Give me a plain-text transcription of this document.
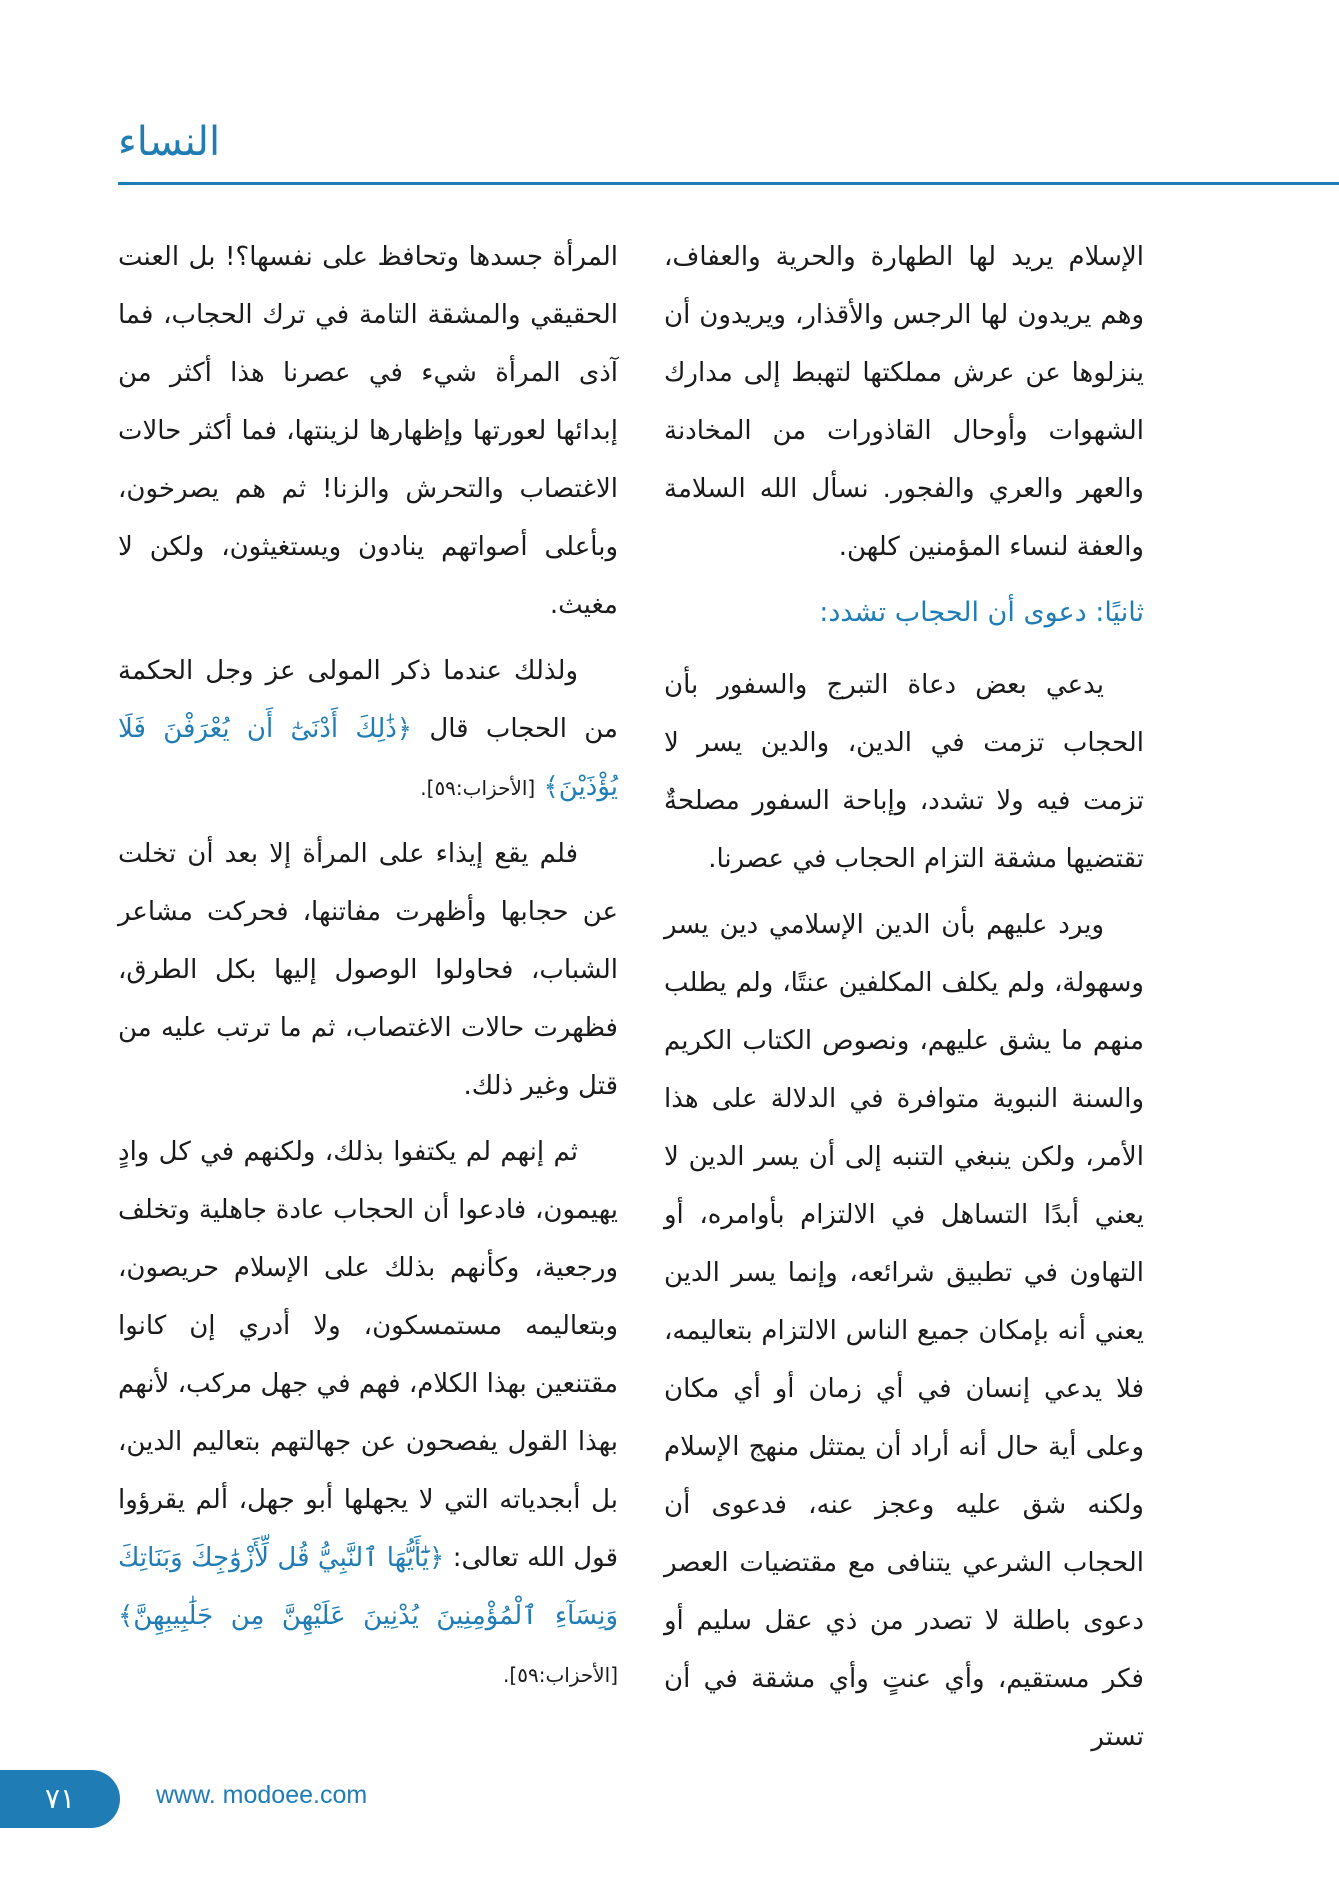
النساء

الإسلام يريد لها الطهارة والحرية والعفاف، وهم يريدون لها الرجس والأقذار، ويريدون أن ينزلوها عن عرش مملكتها لتهبط إلى مدارك الشهوات وأوحال القاذورات من المخادنة والعهر والعري والفجور. نسأل الله السلامة والعفة لنساء المؤمنين كلهن.

ثانيًا: دعوى أن الحجاب تشدد:

يدعي بعض دعاة التبرج والسفور بأن الحجاب تزمت في الدين، والدين يسر لا تزمت فيه ولا تشدد، وإباحة السفور مصلحةٌ تقتضيها مشقة التزام الحجاب في عصرنا.

ويرد عليهم بأن الدين الإسلامي دين يسر وسهولة، ولم يكلف المكلفين عنتًا، ولم يطلب منهم ما يشق عليهم، ونصوص الكتاب الكريم والسنة النبوية متوافرة في الدلالة على هذا الأمر، ولكن ينبغي التنبه إلى أن يسر الدين لا يعني أبدًا التساهل في الالتزام بأوامره، أو التهاون في تطبيق شرائعه، وإنما يسر الدين يعني أنه بإمكان جميع الناس الالتزام بتعاليمه، فلا يدعي إنسان في أي زمان أو أي مكان وعلى أية حال أنه أراد أن يمتثل منهج الإسلام ولكنه شق عليه وعجز عنه، فدعوى أن الحجاب الشرعي يتنافى مع مقتضيات العصر دعوى باطلة لا تصدر من ذي عقل سليم أو فكر مستقيم، وأي عنتٍ وأي مشقة في أن تستر

المرأة جسدها وتحافظ على نفسها؟! بل العنت الحقيقي والمشقة التامة في ترك الحجاب، فما آذى المرأة شيء في عصرنا هذا أكثر من إبدائها لعورتها وإظهارها لزينتها، فما أكثر حالات الاغتصاب والتحرش والزنا! ثم هم يصرخون، وبأعلى أصواتهم ينادون ويستغيثون، ولكن لا مغيث.

ولذلك عندما ذكر المولى عز وجل الحكمة من الحجاب قال ﴿ذَٰلِكَ أَدْنَىٰٓ أَن يُعْرَفْنَ فَلَا يُؤْذَيْنَ﴾ [الأحزاب:٥٩].

فلم يقع إيذاء على المرأة إلا بعد أن تخلت عن حجابها وأظهرت مفاتنها، فحركت مشاعر الشباب، فحاولوا الوصول إليها بكل الطرق، فظهرت حالات الاغتصاب، ثم ما ترتب عليه من قتل وغير ذلك.

ثم إنهم لم يكتفوا بذلك، ولكنهم في كل وادٍ يهيمون، فادعوا أن الحجاب عادة جاهلية وتخلف ورجعية، وكأنهم بذلك على الإسلام حريصون، وبتعاليمه مستمسكون، ولا أدري إن كانوا مقتنعين بهذا الكلام، فهم في جهل مركب، لأنهم بهذا القول يفصحون عن جهالتهم بتعاليم الدين، بل أبجدياته التي لا يجهلها أبو جهل، ألم يقرؤوا قول الله تعالى: ﴿يَٰٓأَيُّهَا ٱلنَّبِيُّ قُل لِّأَزْوَٰجِكَ وَبَنَاتِكَ وَنِسَآءِ ٱلْمُؤْمِنِينَ يُدْنِينَ عَلَيْهِنَّ مِن جَلَٰبِيبِهِنَّ﴾ [الأحزاب:٥٩].

٧١	www. modoee.com
